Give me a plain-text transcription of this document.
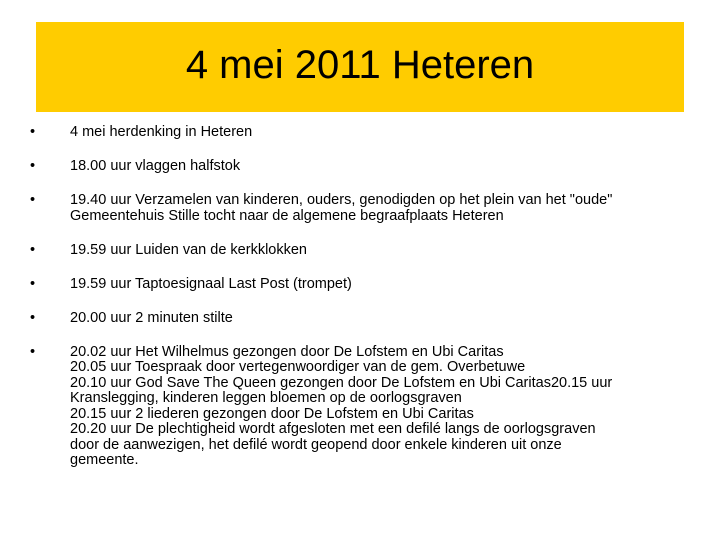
4 mei 2011 Heteren
•	4 mei herdenking in Heteren
•	18.00 uur vlaggen halfstok
•	19.40 uur Verzamelen van kinderen, ouders, genodigden op het plein van het "oude"
Gemeentehuis Stille tocht naar de algemene begraafplaats Heteren
•	19.59 uur Luiden van de kerkklokken
•	19.59 uur Taptoesignaal Last Post (trompet)
•	20.00 uur 2 minuten stilte
•	20.02 uur Het Wilhelmus gezongen door De Lofstem en Ubi Caritas
20.05 uur Toespraak door vertegenwoordiger van de gem. Overbetuwe
20.10 uur God Save The Queen gezongen door De Lofstem en Ubi Caritas20.15 uur
Kranslegging, kinderen leggen bloemen op de oorlogsgraven
20.15 uur 2 liederen gezongen door De Lofstem en Ubi Caritas
20.20 uur De plechtigheid wordt afgesloten met een defilé langs de oorlogsgraven
door de aanwezigen, het defilé wordt geopend door enkele kinderen uit onze
gemeente.
